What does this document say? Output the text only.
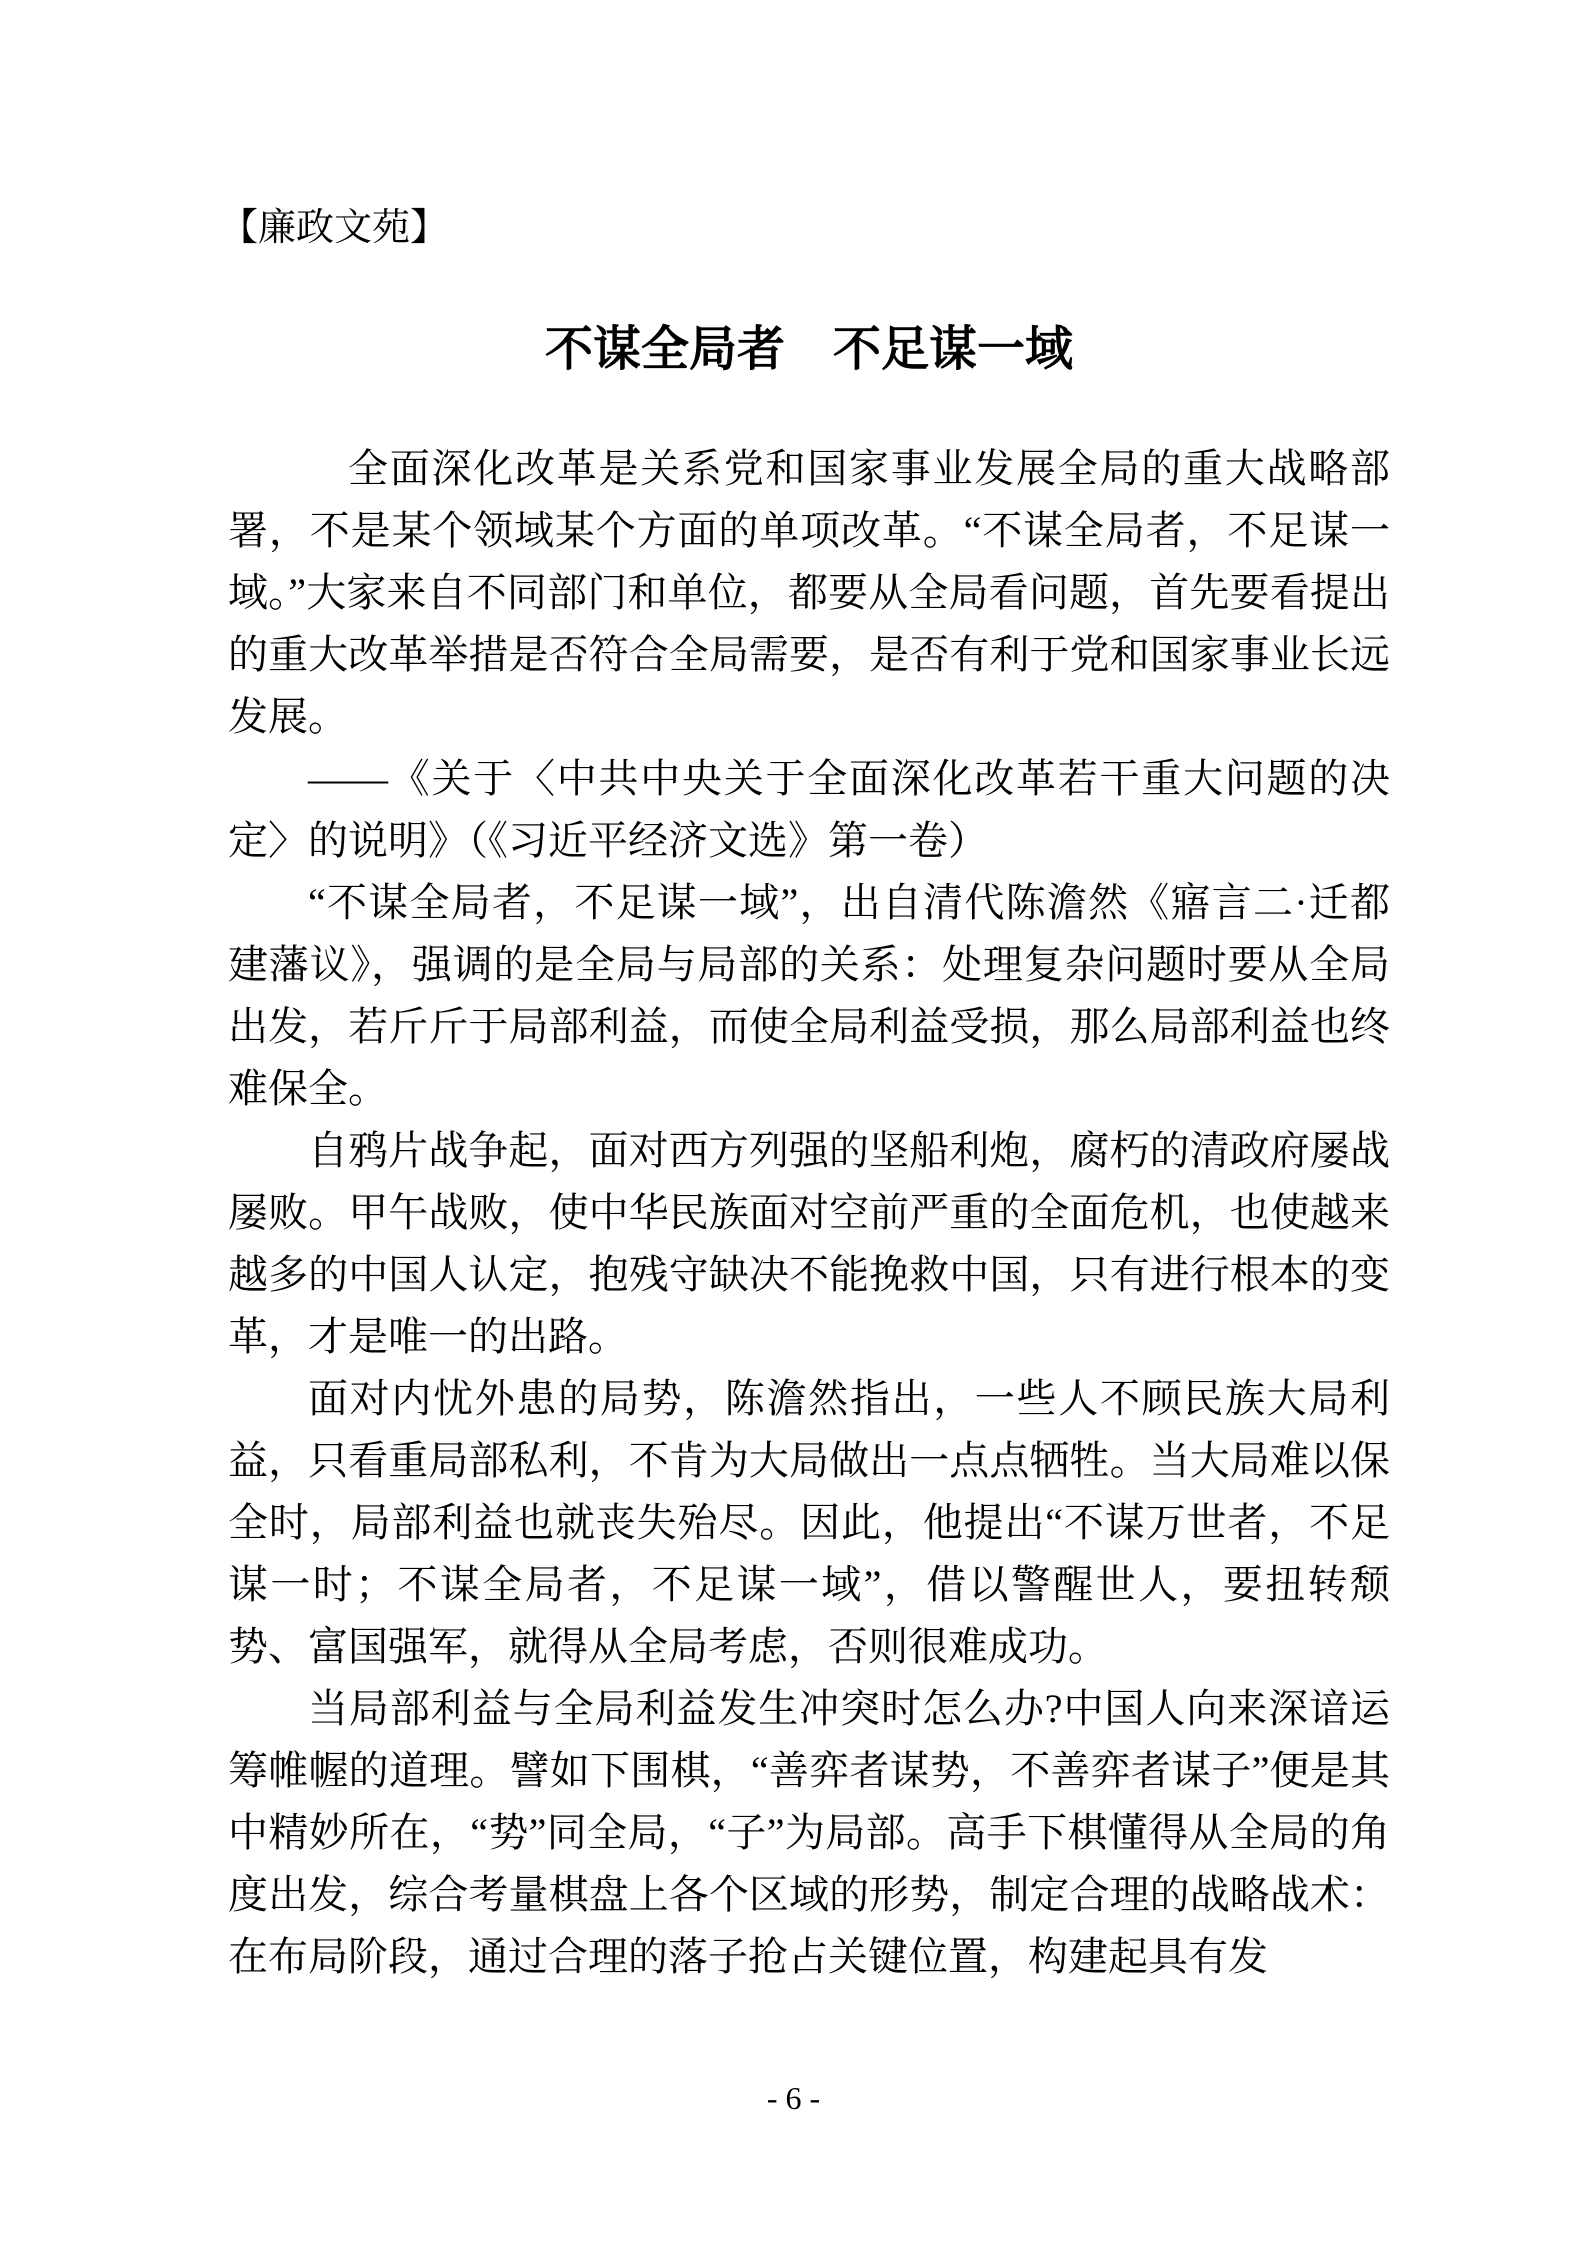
【廉政文苑】
不谋全局者　不足谋一域

全面深化改革是关系党和国家事业发展全局的重大战略部署，不是某个领域某个方面的单项改革。“不谋全局者，不足谋一域。”大家来自不同部门和单位，都要从全局看问题，首先要看提出的重大改革举措是否符合全局需要，是否有利于党和国家事业长远发展。

——《关于〈中共中央关于全面深化改革若干重大问题的决定〉的说明》（《习近平经济文选》第一卷）

“不谋全局者，不足谋一域”，出自清代陈澹然《寤言二·迁都建藩议》，强调的是全局与局部的关系：处理复杂问题时要从全局出发，若斤斤于局部利益，而使全局利益受损，那么局部利益也终难保全。

自鸦片战争起，面对西方列强的坚船利炮，腐朽的清政府屡战屡败。甲午战败，使中华民族面对空前严重的全面危机，也使越来越多的中国人认定，抱残守缺决不能挽救中国，只有进行根本的变革，才是唯一的出路。

面对内忧外患的局势，陈澹然指出，一些人不顾民族大局利益，只看重局部私利，不肯为大局做出一点点牺牲。当大局难以保全时，局部利益也就丧失殆尽。因此，他提出“不谋万世者，不足谋一时；不谋全局者，不足谋一域”，借以警醒世人，要扭转颓势、富国强军，就得从全局考虑，否则很难成功。

当局部利益与全局利益发生冲突时怎么办?中国人向来深谙运筹帷幄的道理。譬如下围棋，“善弈者谋势，不善弈者谋子”便是其中精妙所在，“势”同全局，“子”为局部。高手下棋懂得从全局的角度出发，综合考量棋盘上各个区域的形势，制定合理的战略战术：在布局阶段，通过合理的落子抢占关键位置，构建起具有发

- 6 -
